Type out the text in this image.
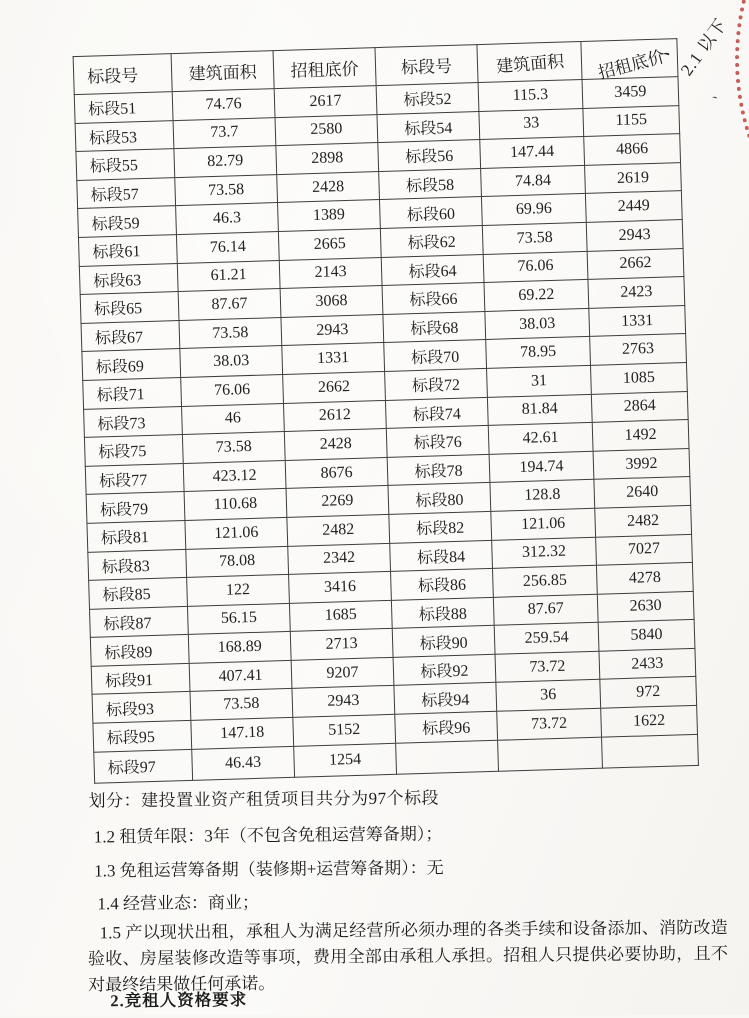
标段号	建筑面积	招租底价	标段号	建筑面积	招租底价
标段51	74.76	2617	标段52	115.3	3459
标段53	73.7	2580	标段54	33	1155
标段55	82.79	2898	标段56	147.44	4866
标段57	73.58	2428	标段58	74.84	2619
标段59	46.3	1389	标段60	69.96	2449
标段61	76.14	2665	标段62	73.58	2943
标段63	61.21	2143	标段64	76.06	2662
标段65	87.67	3068	标段66	69.22	2423
标段67	73.58	2943	标段68	38.03	1331
标段69	38.03	1331	标段70	78.95	2763
标段71	76.06	2662	标段72	31	1085
标段73	46	2612	标段74	81.84	2864
标段75	73.58	2428	标段76	42.61	1492
标段77	423.12	8676	标段78	194.74	3992
标段79	110.68	2269	标段80	128.8	2640
标段81	121.06	2482	标段82	121.06	2482
标段83	78.08	2342	标段84	312.32	7027
标段85	122	3416	标段86	256.85	4278
标段87	56.15	1685	标段88	87.67	2630
标段89	168.89	2713	标段90	259.54	5840
标段91	407.41	9207	标段92	73.72	2433
标段93	73.58	2943	标段94	36	972
标段95	147.18	5152	标段96	73.72	1622
标段97	46.43	1254			

划分：建投置业资产租赁项目共分为97个标段

1.2 租赁年限：3年（不包含免租运营筹备期）；

1.3 免租运营筹备期（装修期+运营筹备期）：无

1.4 经营业态：商业；

1.5 产以现状出租，承租人为满足经营所必须办理的各类手续和设备添加、消防改造验收、房屋装修改造等事项，费用全部由承租人承担。招租人只提供必要协助，且不对最终结果做任何承诺。

2.竞租人资格要求

2.1 以下
、
、
